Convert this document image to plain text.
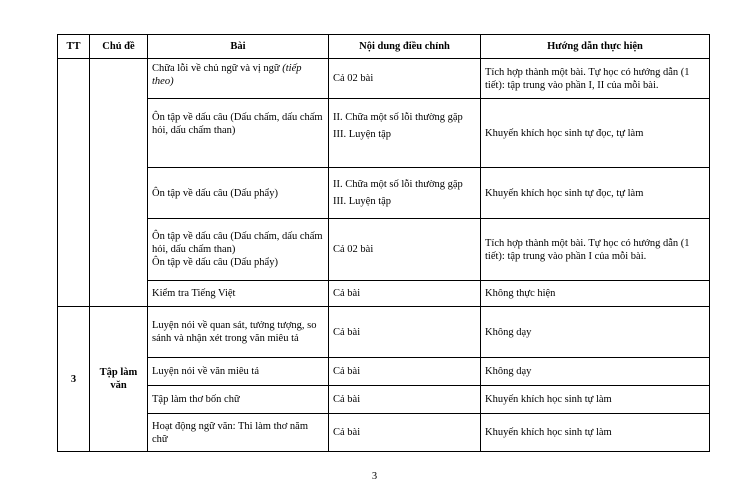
TT	Chủ đề	Bài	Nội dung điều chỉnh	Hướng dẫn thực hiện
		Chữa lỗi về chủ ngữ và vị ngữ (tiếp theo)	Cả 02 bài	Tích hợp thành một bài. Tự học có hướng dẫn (1 tiết): tập trung vào phần I, II của mỗi bài.
		Ôn tập về dấu câu (Dấu chấm, dấu chấm hỏi, dấu chấm than)	II. Chữa một số lỗi thường gặp
III. Luyện tập	Khuyến khích học sinh tự đọc, tự làm
		Ôn tập về dấu câu (Dấu phẩy)	II. Chữa một số lỗi thường gặp
III. Luyện tập	Khuyến khích học sinh tự đọc, tự làm

		Ôn tập về dấu câu (Dấu chấm, dấu chấm hỏi, dấu chấm than)
Ôn tập về dấu câu (Dấu phẩy)	Cả 02 bài	Tích hợp thành một bài. Tự học có hướng dẫn (1 tiết): tập trung vào phần I của mỗi bài.
		Kiểm tra Tiếng Việt	Cả bài	Không thực hiện
3	Tập làm văn	Luyện nói về quan sát, tưởng tượng, so sánh và nhận xét trong văn miêu tả	Cả bài	Không dạy
		Luyện nói về văn miêu tả	Cả bài	Không dạy
		Tập làm thơ bốn chữ	Cả bài	Khuyến khích học sinh tự làm
		Hoạt động ngữ văn: Thi làm thơ năm chữ	Cả bài	Khuyến khích học sinh tự làm
3
